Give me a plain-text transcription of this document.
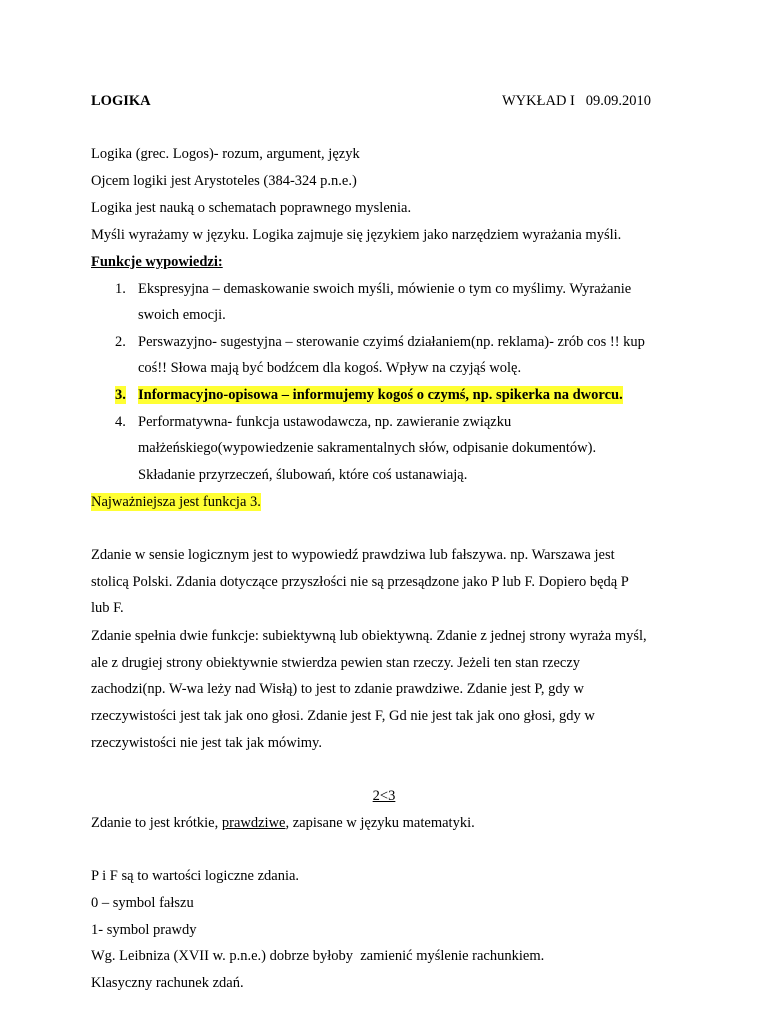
LOGIKA	WYKŁAD I   09.09.2010
Logika (grec. Logos)- rozum, argument, język
Ojcem logiki jest Arystoteles (384-324 p.n.e.)
Logika jest nauką o schematach poprawnego myslenia.
Myśli wyrażamy w języku. Logika zajmuje się językiem jako narzędziem wyrażania myśli.
Funkcje wypowiedzi:
1. Ekspresyjna – demaskowanie swoich myśli, mówienie o tym co myślimy. Wyrażanie
swoich emocji.
2. Perswazyjno- sugestyjna – sterowanie czyimś działaniem(np. reklama)- zrób cos !! kup
coś!! Słowa mają być bodźcem dla kogoś. Wpływ na czyjąś wolę.
3. Informacyjno-opisowa – informujemy kogoś o czymś, np. spikerka na dworcu.
4. Performatywna- funkcja ustawodawcza, np. zawieranie związku
małżeńskiego(wypowiedzenie sakramentalnych słów, odpisanie dokumentów).
Składanie przyrzeczeń, ślubowań, które coś ustanawiają.
Najważniejsza jest funkcja 3.
Zdanie w sensie logicznym jest to wypowiedź prawdziwa lub fałszywa. np. Warszawa jest
stolicą Polski. Zdania dotyczące przyszłości nie są przesądzone jako P lub F. Dopiero będą P
lub F.
Zdanie spełnia dwie funkcje: subiektywną lub obiektywną. Zdanie z jednej strony wyraża myśl,
ale z drugiej strony obiektywnie stwierdza pewien stan rzeczy. Jeżeli ten stan rzeczy
zachodzi(np. W-wa leży nad Wisłą) to jest to zdanie prawdziwe. Zdanie jest P, gdy w
rzeczywistości jest tak jak ono głosi. Zdanie jest F, Gd nie jest tak jak ono głosi, gdy w
rzeczywistości nie jest tak jak mówimy.
2<3
Zdanie to jest krótkie, prawdziwe, zapisane w języku matematyki.
P i F są to wartości logiczne zdania.
0 – symbol fałszu
1- symbol prawdy
Wg. Leibniza (XVII w. p.n.e.) dobrze byłoby  zamienić myślenie rachunkiem.
Klasyczny rachunek zdań.
